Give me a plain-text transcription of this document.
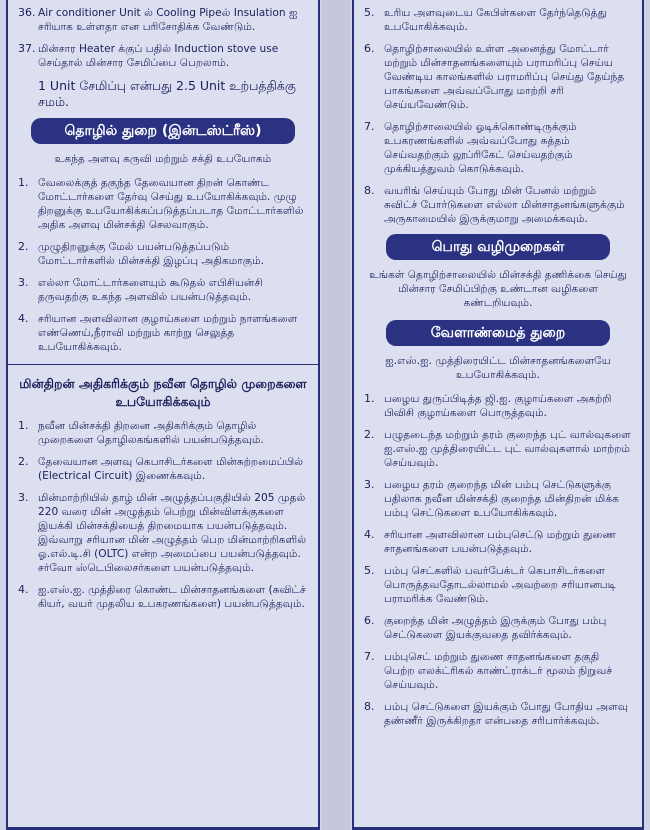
36. Air conditioner Unit ல் Cooling Pipeல் Insulation ஐ சரியாக உள்ளதா என பரிசோதிக்க வேண்டும்.
37. மின்சார Heater க்குப் பதில் Induction stove use செய்தால் மின்சார சேமிப்பை பெறலாம்.
1 Unit சேமிப்பு என்பது 2.5 Unit உற்பத்திக்கு சமம்.
தொழில் துறை (இன்டஸ்ட்ரீஸ்)
உகந்த அளவு கருவி மற்றும் சக்தி உபயோகம்
1. வேலைக்குத் தகுந்த தேவையான திறன் கொண்ட மோட்டார்களை தேர்வு செய்து உபயோகிக்கவும். முழு திறனுக்கு உபயோகிக்கப்படுத்தப்படாத மோட்டார்களில் அதிக அளவு மின்சக்தி செலவாகும்.
2. முழுதிறனுக்கு மேல் பயன்படுத்தப்படும் மோட்டார்களில் மின்சக்தி இழப்பு அதிகமாகும்.
3. எல்லா மோட்டார்களையும் கூடுதல் எபிசியன்சி தருவதற்கு உகந்த அளவில் பயன்படுத்தவும்.
4. சரியான அளவிலான குழாய்களை மற்றும் நாளங்களை எண்ணெய்,நீராவி மற்றும் காற்று செலுத்த உபயோகிக்கவும்.
மின்திறன் அதிகரிக்கும் நவீன தொழில் முறைகளை உபயோகிக்கவும்
1. நவீன மின்சக்தி திறனை அதிகரிக்கும் தொழில் முறைகளை தொழிலகங்களில் பயன்படுத்தவும்.
2. தேவையான அளவு கெபாசிடர்களை மின்சுற்றமைப்பில் (Electrical Circuit) இணைக்கவும்.
3. மின்மாற்றியில் தாழ் மின் அழுத்தப்பகுதியில் 205 முதல் 220 வரை மின் அழுத்தம் பெற்று மின்விளக்குகளை இயக்கி மின்சக்தியைத் திறமையாக பயன்படுத்தவும். இவ்வாறு சரியான மின் அழுத்தம் பெற மின்மாற்றிகளில் ஓ.எல்.டி.சி (OLTC) என்ற அமைப்பை பயன்படுத்தவும். சர்வோ ஸ்டெபிலைசர்களை பயன்படுத்தவும்.
4. ஐ.எஸ்.ஐ. முத்திரை கொண்ட மின்சாதனங்களை (சுவிட்ச் கியர், வயர் முதலிய உபகரணங்களை) பயன்படுத்தவும்.
5. உரிய அளவுடைய கேபிள்களை தேர்ந்தெடுத்து உபயோகிக்கவும்.
6. தொழிற்சாலையில் உள்ள அனைத்து மோட்டார் மற்றும் மின்சாதனங்களையும் பராமரிப்பு செய்ய வேண்டிய காலங்களில் பராமரிப்பு செய்து தேய்ந்த பாகங்களை அவ்வப்போது மாற்றி சரி செய்யவேண்டும்.
7. தொழிற்சாலையில் ஓடிக்கொண்டிருக்கும் உபகரணங்களில் அவ்வப்போது சுத்தம் செய்வதற்கும் லூப்ரிகேட் செய்வதற்கும் முக்கியத்துவம் கொடுக்கவும்.
8. வயரிங் செய்யும் போது மின் பேனல் மற்றும் சுவிட்ச் போர்டுகளை எல்லா மின்சாதனங்களுக்கும் அருகாமையில் இருக்குமாறு அமைக்கவும்.
பொது வழிமுறைகள்
உங்கள் தொழிற்சாலையில் மின்சக்தி தணிக்கை செய்து மின்சார சேமிப்பிற்கு உண்டான வழிகளை கண்டறியவும்.
வேளாண்மைத் துறை
ஐ.எஸ்.ஐ. முத்திரையிட்ட மின்சாதனங்களையே உபயோகிக்கவும்.
1. பழைய துருப்பிடித்த ஜி.ஐ. குழாய்களை அகற்றி பிவிசி குழாய்களை பொருத்தவும்.
2. பழுதடைந்த மற்றும் தரம் குறைந்த புட் வால்வுகளை ஐ.எஸ்.ஐ முத்திரையிட்ட புட் வால்வுகளால் மாற்றம் செய்யவும்.
3. பழைய தரம் குறைந்த மின் பம்பு செட்டுகளுக்கு பதிலாக நவீன மின்சக்தி குறைந்த மின்திறன் மிக்க பம்பு செட்டுகளை உபயோகிக்கவும்.
4. சரியான அளவிலான பம்புசெட்டு மற்றும் துணை சாதனங்களை பயன்படுத்தவும்.
5. பம்பு செட்களில் பவர்பேக்டர் கெபாசிடர்களை பொருத்தவதோடல்லாமல் அவற்றை சரியானபடி பராமரிக்க வேண்டும்.
6. குறைந்த மின் அழுத்தம் இருக்கும் போது பம்பு செட்டுகளை இயக்குவதை தவிர்க்கவும்.
7. பம்புசெட் மற்றும் துணை சாதனங்களை தகுதி பெற்ற எலக்ட்ரிகல் காண்ட்ராக்டர் மூலம் நிறுவச் செய்யவும்.
8. பம்பு செட்டுகளை இயக்கும் போது போதிய அளவு தண்ணீர் இருக்கிறதா என்பதை சரிபார்க்கவும்.
